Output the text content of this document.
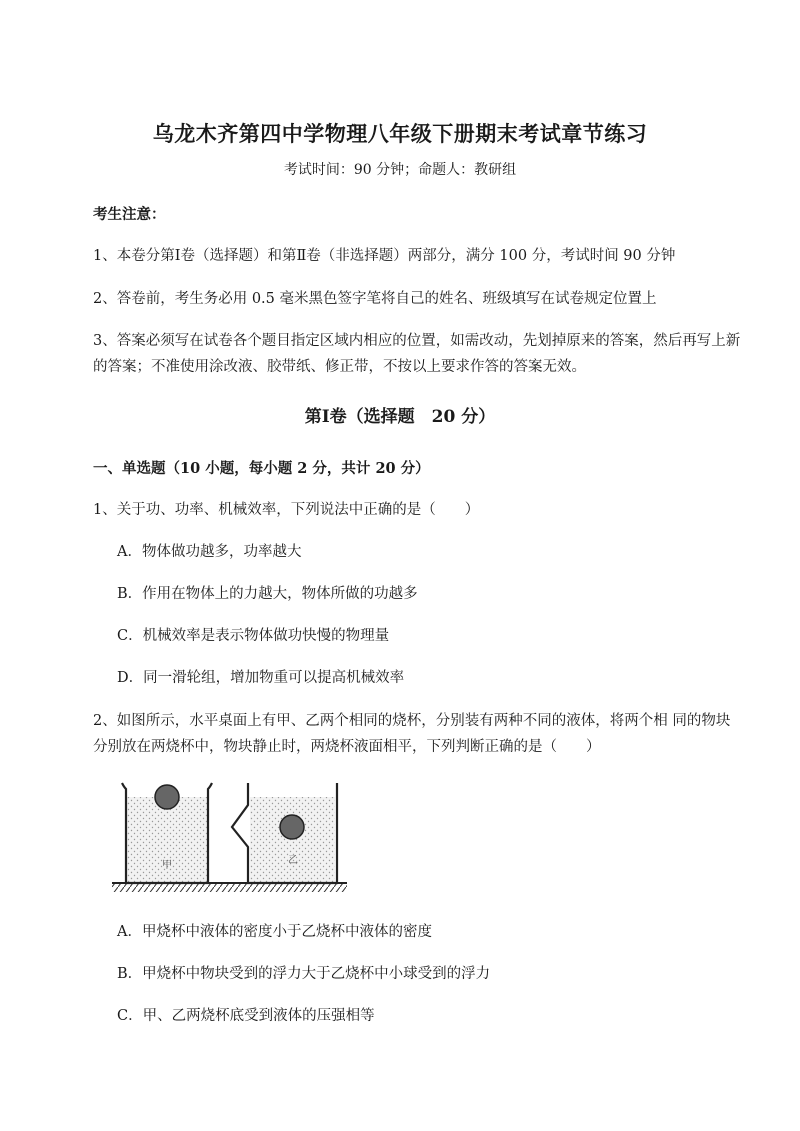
乌龙木齐第四中学物理八年级下册期末考试章节练习
考试时间：90 分钟；命题人：教研组
考生注意：
1、本卷分第Ⅰ卷（选择题）和第Ⅱ卷（非选择题）两部分，满分 100 分，考试时间 90 分钟
2、答卷前，考生务必用 0.5 毫米黑色签字笔将自己的姓名、班级填写在试卷规定位置上
3、答案必须写在试卷各个题目指定区域内相应的位置，如需改动，先划掉原来的答案，然后再写上新
的答案；不准使用涂改液、胶带纸、修正带，不按以上要求作答的答案无效。
第Ⅰ卷（选择题　20 分）
一、单选题（10 小题，每小题 2 分，共计 20 分）
1、关于功、功率、机械效率，下列说法中正确的是（　　）
A．物体做功越多，功率越大
B．作用在物体上的力越大，物体所做的功越多
C．机械效率是表示物体做功快慢的物理量
D．同一滑轮组，增加物重可以提高机械效率
2、如图所示，水平桌面上有甲、乙两个相同的烧杯，分别装有两种不同的液体，将两个相 同的物块
分别放在两烧杯中，物块静止时，两烧杯液面相平，下列判断正确的是（　　）
甲	乙
A．甲烧杯中液体的密度小于乙烧杯中液体的密度
B．甲烧杯中物块受到的浮力大于乙烧杯中小球受到的浮力
C．甲、乙两烧杯底受到液体的压强相等
